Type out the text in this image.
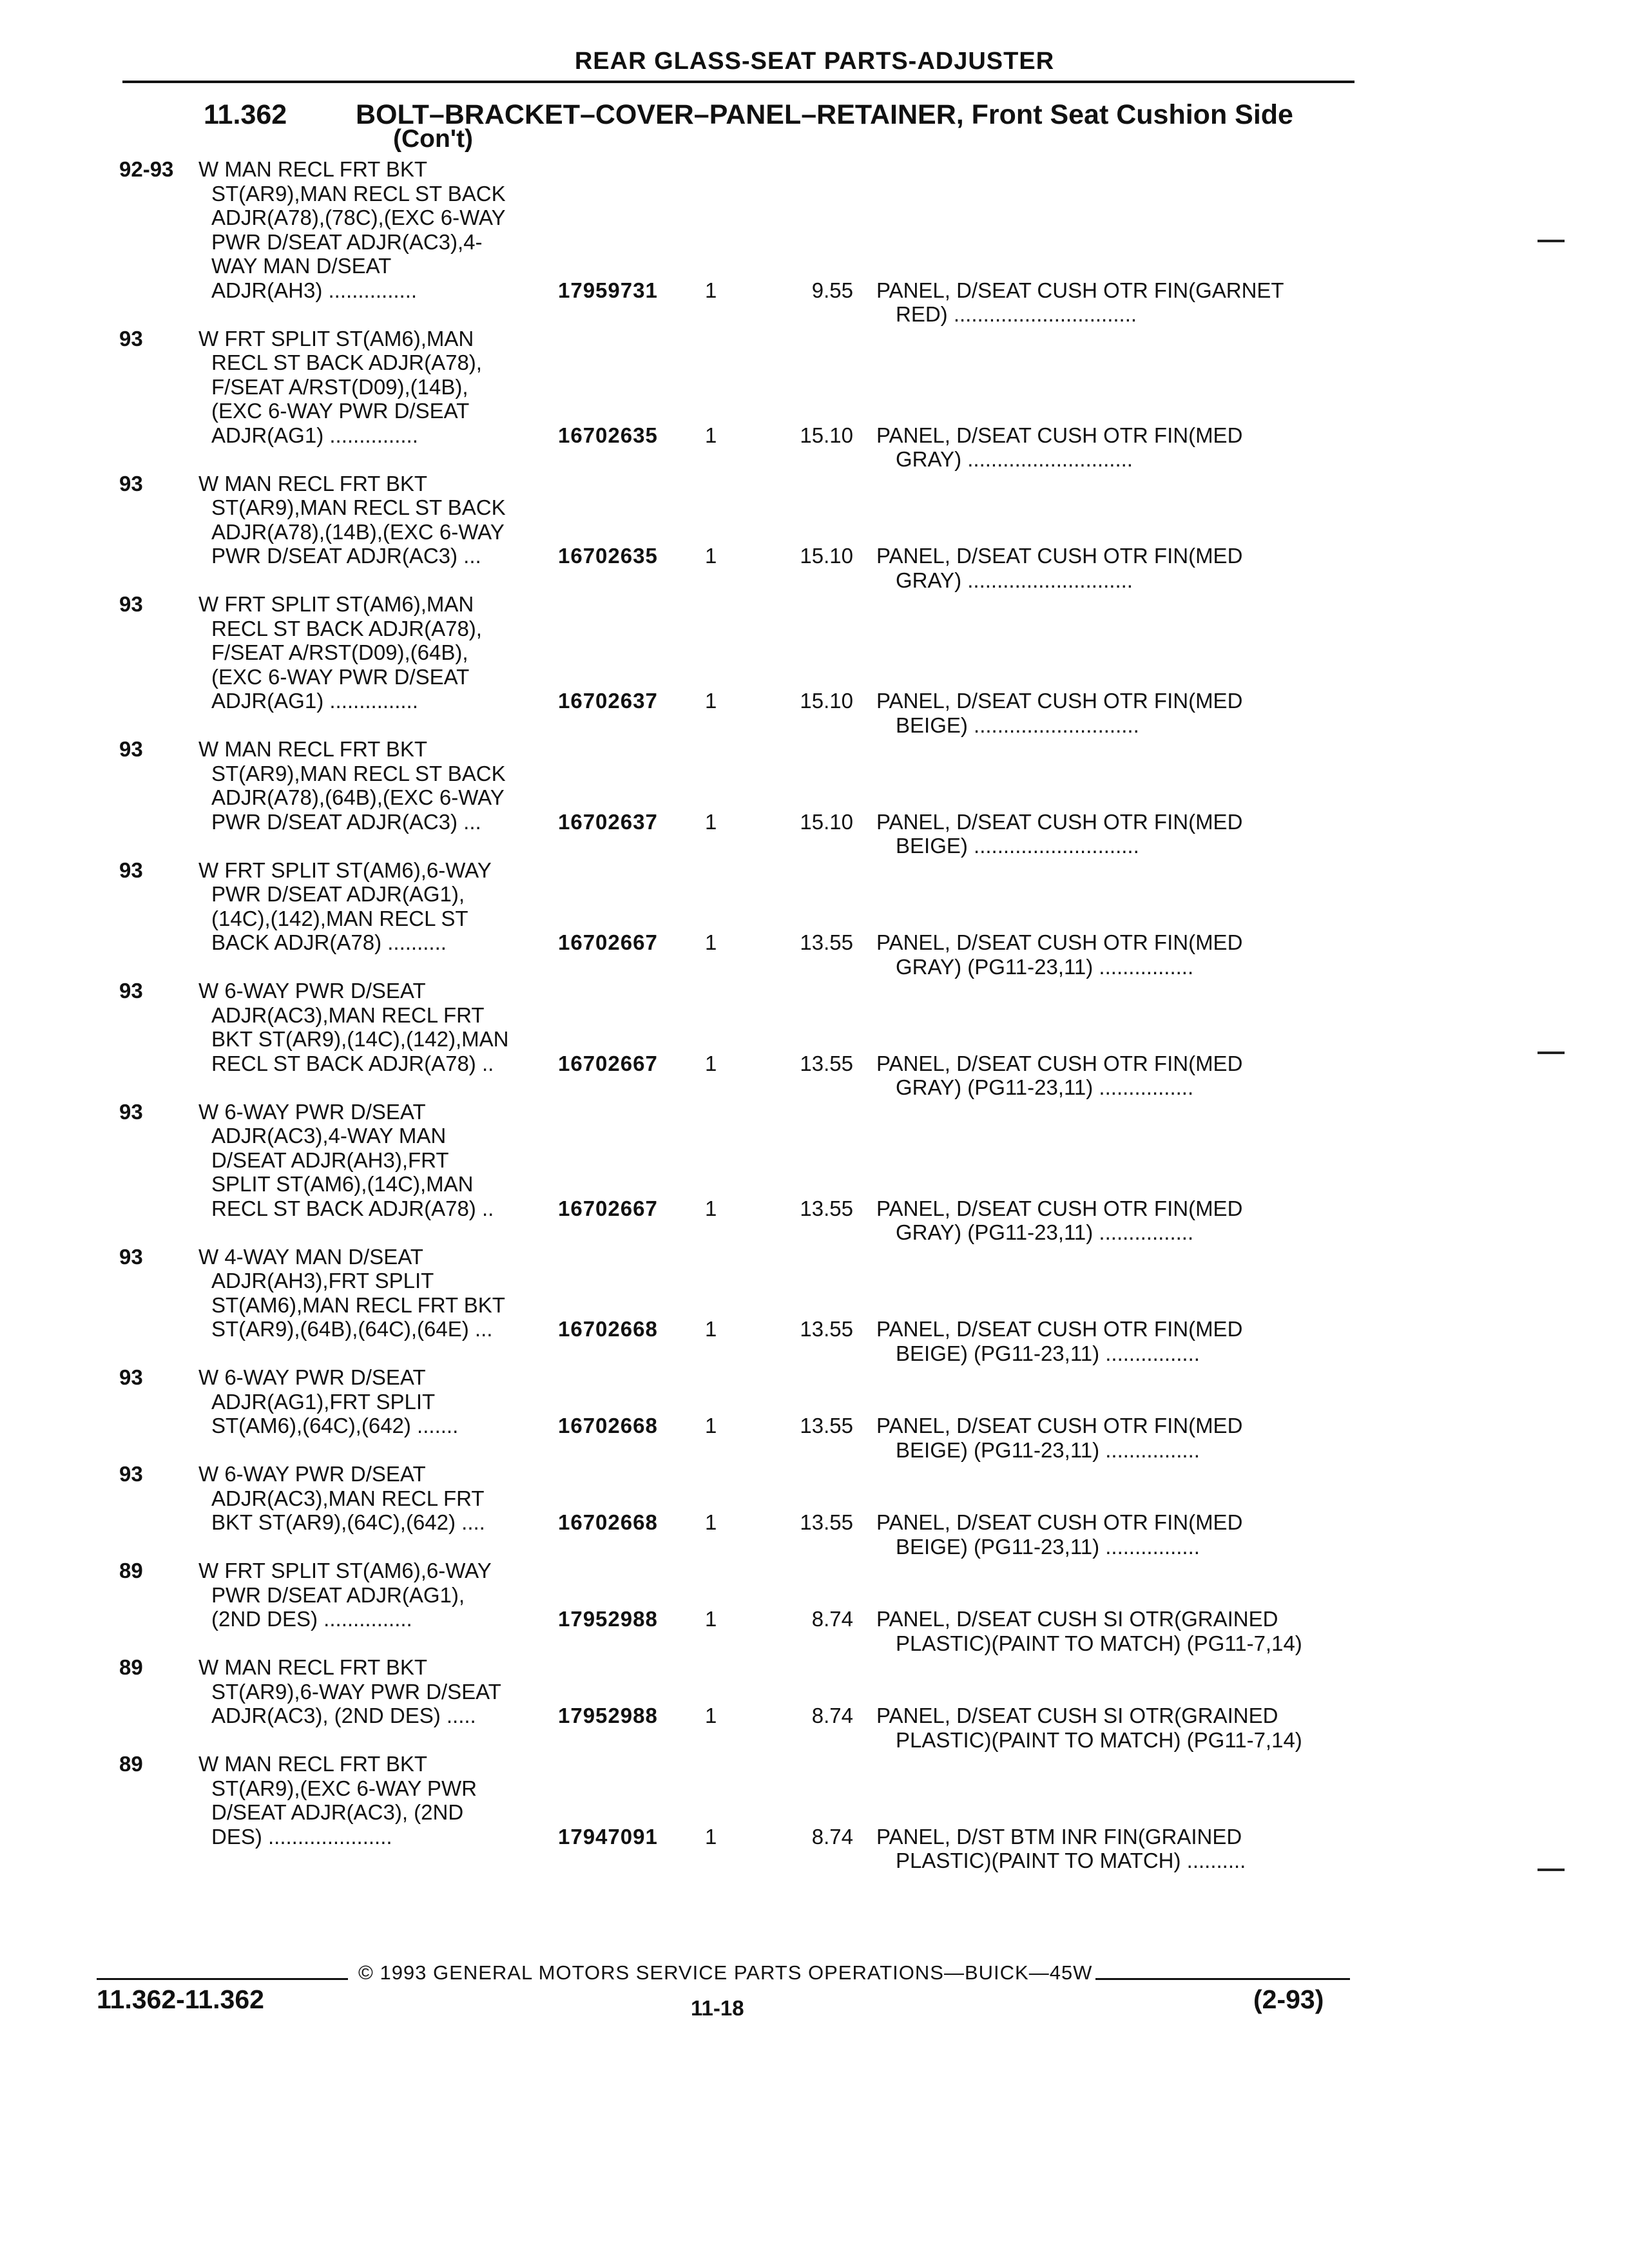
REAR GLASS-SEAT PARTS-ADJUSTER
11.362 BOLT–BRACKET–COVER–PANEL–RETAINER, Front Seat Cushion Side
(Con't)
92-93	W MAN RECL FRT BKT
ST(AR9),MAN RECL ST BACK
ADJR(A78),(78C),(EXC 6-WAY
PWR D/SEAT ADJR(AC3),4-
WAY MAN D/SEAT
ADJR(AH3) ...............	17959731 1	9.55 PANEL, D/SEAT CUSH OTR FIN(GARNET
RED) ...............................
93	W FRT SPLIT ST(AM6),MAN
RECL ST BACK ADJR(A78),
F/SEAT A/RST(D09),(14B),
(EXC 6-WAY PWR D/SEAT
ADJR(AG1) ...............	16702635 1	15.10 PANEL, D/SEAT CUSH OTR FIN(MED
GRAY) ............................
93	W MAN RECL FRT BKT
ST(AR9),MAN RECL ST BACK
ADJR(A78),(14B),(EXC 6-WAY
PWR D/SEAT ADJR(AC3) ...	16702635 1	15.10 PANEL, D/SEAT CUSH OTR FIN(MED
GRAY) ............................
93	W FRT SPLIT ST(AM6),MAN
RECL ST BACK ADJR(A78),
F/SEAT A/RST(D09),(64B),
(EXC 6-WAY PWR D/SEAT
ADJR(AG1) ...............	16702637 1	15.10 PANEL, D/SEAT CUSH OTR FIN(MED
BEIGE) ............................
93	W MAN RECL FRT BKT
ST(AR9),MAN RECL ST BACK
ADJR(A78),(64B),(EXC 6-WAY
PWR D/SEAT ADJR(AC3) ...	16702637 1	15.10 PANEL, D/SEAT CUSH OTR FIN(MED
BEIGE) ............................
93	W FRT SPLIT ST(AM6),6-WAY
PWR D/SEAT ADJR(AG1),
(14C),(142),MAN RECL ST
BACK ADJR(A78) ..........	16702667 1	13.55 PANEL, D/SEAT CUSH OTR FIN(MED
GRAY) (PG11-23,11) ................
93	W 6-WAY PWR D/SEAT
ADJR(AC3),MAN RECL FRT
BKT ST(AR9),(14C),(142),MAN
RECL ST BACK ADJR(A78) ..	16702667 1	13.55 PANEL, D/SEAT CUSH OTR FIN(MED
GRAY) (PG11-23,11) ................
93	W 6-WAY PWR D/SEAT
ADJR(AC3),4-WAY MAN
D/SEAT ADJR(AH3),FRT
SPLIT ST(AM6),(14C),MAN
RECL ST BACK ADJR(A78) ..	16702667 1	13.55 PANEL, D/SEAT CUSH OTR FIN(MED
GRAY) (PG11-23,11) ................
93	W 4-WAY MAN D/SEAT
ADJR(AH3),FRT SPLIT
ST(AM6),MAN RECL FRT BKT
ST(AR9),(64B),(64C),(64E) ...	16702668 1	13.55 PANEL, D/SEAT CUSH OTR FIN(MED
BEIGE) (PG11-23,11) ................
93	W 6-WAY PWR D/SEAT
ADJR(AG1),FRT SPLIT
ST(AM6),(64C),(642) .......	16702668 1	13.55 PANEL, D/SEAT CUSH OTR FIN(MED
BEIGE) (PG11-23,11) ................
93	W 6-WAY PWR D/SEAT
ADJR(AC3),MAN RECL FRT
BKT ST(AR9),(64C),(642) ....	16702668 1	13.55 PANEL, D/SEAT CUSH OTR FIN(MED
BEIGE) (PG11-23,11) ................
89	W FRT SPLIT ST(AM6),6-WAY
PWR D/SEAT ADJR(AG1),
(2ND DES) ...............	17952988 1	8.74 PANEL, D/SEAT CUSH SI OTR(GRAINED
PLASTIC)(PAINT TO MATCH) (PG11-7,14)
89	W MAN RECL FRT BKT
ST(AR9),6-WAY PWR D/SEAT
ADJR(AC3), (2ND DES) .....	17952988 1	8.74 PANEL, D/SEAT CUSH SI OTR(GRAINED
PLASTIC)(PAINT TO MATCH) (PG11-7,14)
89	W MAN RECL FRT BKT
ST(AR9),(EXC 6-WAY PWR
D/SEAT ADJR(AC3), (2ND
DES) .....................	17947091 1	8.74 PANEL, D/ST BTM INR FIN(GRAINED
PLASTIC)(PAINT TO MATCH) ..........
© 1993 GENERAL MOTORS SERVICE PARTS OPERATIONS—BUICK—45W
11.362-11.362	11-18	(2-93)
